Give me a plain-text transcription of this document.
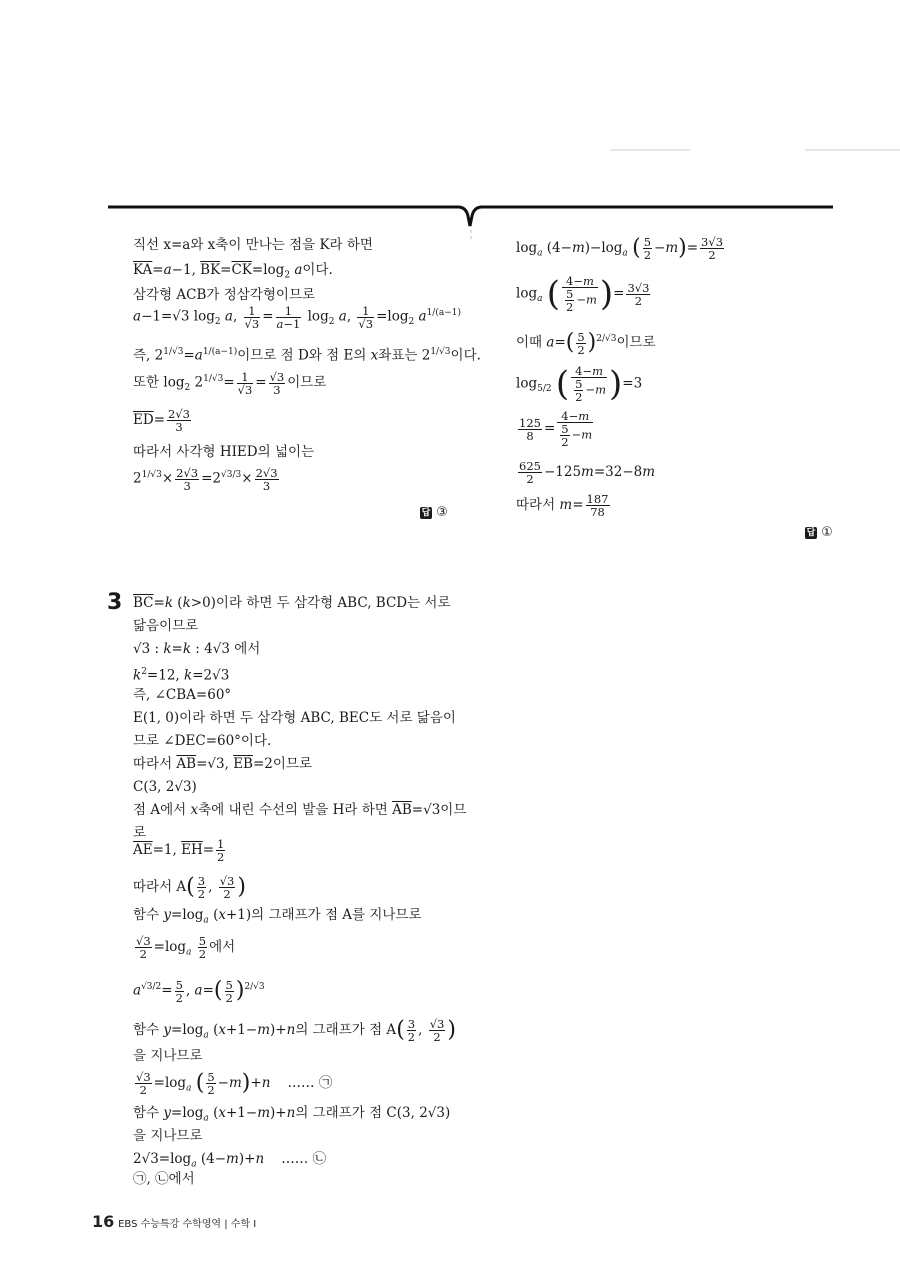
직선 x=a와 x축이 만나는 점을 K라 하면
$\overline{KA}=a-1$, $\overline{BK}=\overline{CK}=\log_2$ a이다.
삼각형 ACB가 정삼각형이므로
a−1=√3 $\log_2 a$, $\frac{1}{√3} = \frac{1}{a-1} \log_2 a$, $\frac{1}{√3} =\log_2$ $a^{1/(a-1)}$
즉, $2^{1/√3}=a^{1/(a-1)}$이므로 점 D와 점 E의 x좌표는 $2^{1/√3}$이다.
또한 $\log_2 2^{1/√3}= \frac{1}{√3} = \frac{√3}{3}$ 이므로
$\overline{ED}= \frac{2√3}{3}$
따라서 사각형 HIED의 넓이는
$2^{1/√3}\times \frac{2√3}{3} =2^{√3/3}\times \frac{2√3}{3}$
답 ③
3 $\overline{BC}=k$ (k>0)이라 하면 두 삼각형 ABC, BCD는 서로
닮음이므로
√3 : k=k : 4√3 에서
$k^2=12$, k=2√3
즉, ∠CBA=60°
E(1, 0)이라 하면 두 삼각형 ABC, BEC도 서로 닮음이
므로 ∠DEC=60°이다.
따라서 $\overline{AB}=√3$, $\overline{EB}=2$이므로
C(3, 2√3)
점 A에서 x축에 내린 수선의 발을 H라 하면 $\overline{AB}=√3$이므
로
$\overline{AE}=1$, $\overline{EH}= \frac{1}{2}$
따라서 $A( \frac{3}{2}$ , $\frac{√3}{2}$ )
함수 $y=\log_a$ (x+1)의 그래프가 점 A를 지나므로
$\frac{√3}{2} =\log_a \frac{5}{2}$ 에서
$a^{√3/2}= \frac{5}{2}$ , $a=( \frac{5}{2} )^{2/√3}$
함수 $y=\log_a$ (x+1−m)+n의 그래프가 점 $A( \frac{3}{2}$ , $\frac{√3}{2}$ )
을 지나므로
$\frac{√3}{2} =\log_a$ ( $\frac{5}{2} -m)+n$    …… ㉠
함수 $y=\log_a$ (x+1−m)+n의 그래프가 점 C(3, 2√3)
을 지나므로
$2√3=\log_a$ (4−m)+n    …… ㉡
㉠, ㉡에서
$\log_a (4-m)-\log_a$ ( $\frac{5}{2} -m)= \frac{3√3}{2}$
$\log_a$ ( $\frac{4-m}{\frac{5}{2} -m}$ )= $\frac{3√3}{2}$
이때 $a=( \frac{5}{2} )^{2/√3}$이므로
$\log_{5/2}$ ( $\frac{4-m}{\frac{5}{2} -m} )=3$
$\frac{125}{8} = \frac{4-m}{\frac{5}{2} -m}$
$\frac{625}{2} -125m=32-8m$
따라서 $m= \frac{187}{78}$
답 ①
16 EBS 수능특강 수학영역 | 수학 Ⅰ
